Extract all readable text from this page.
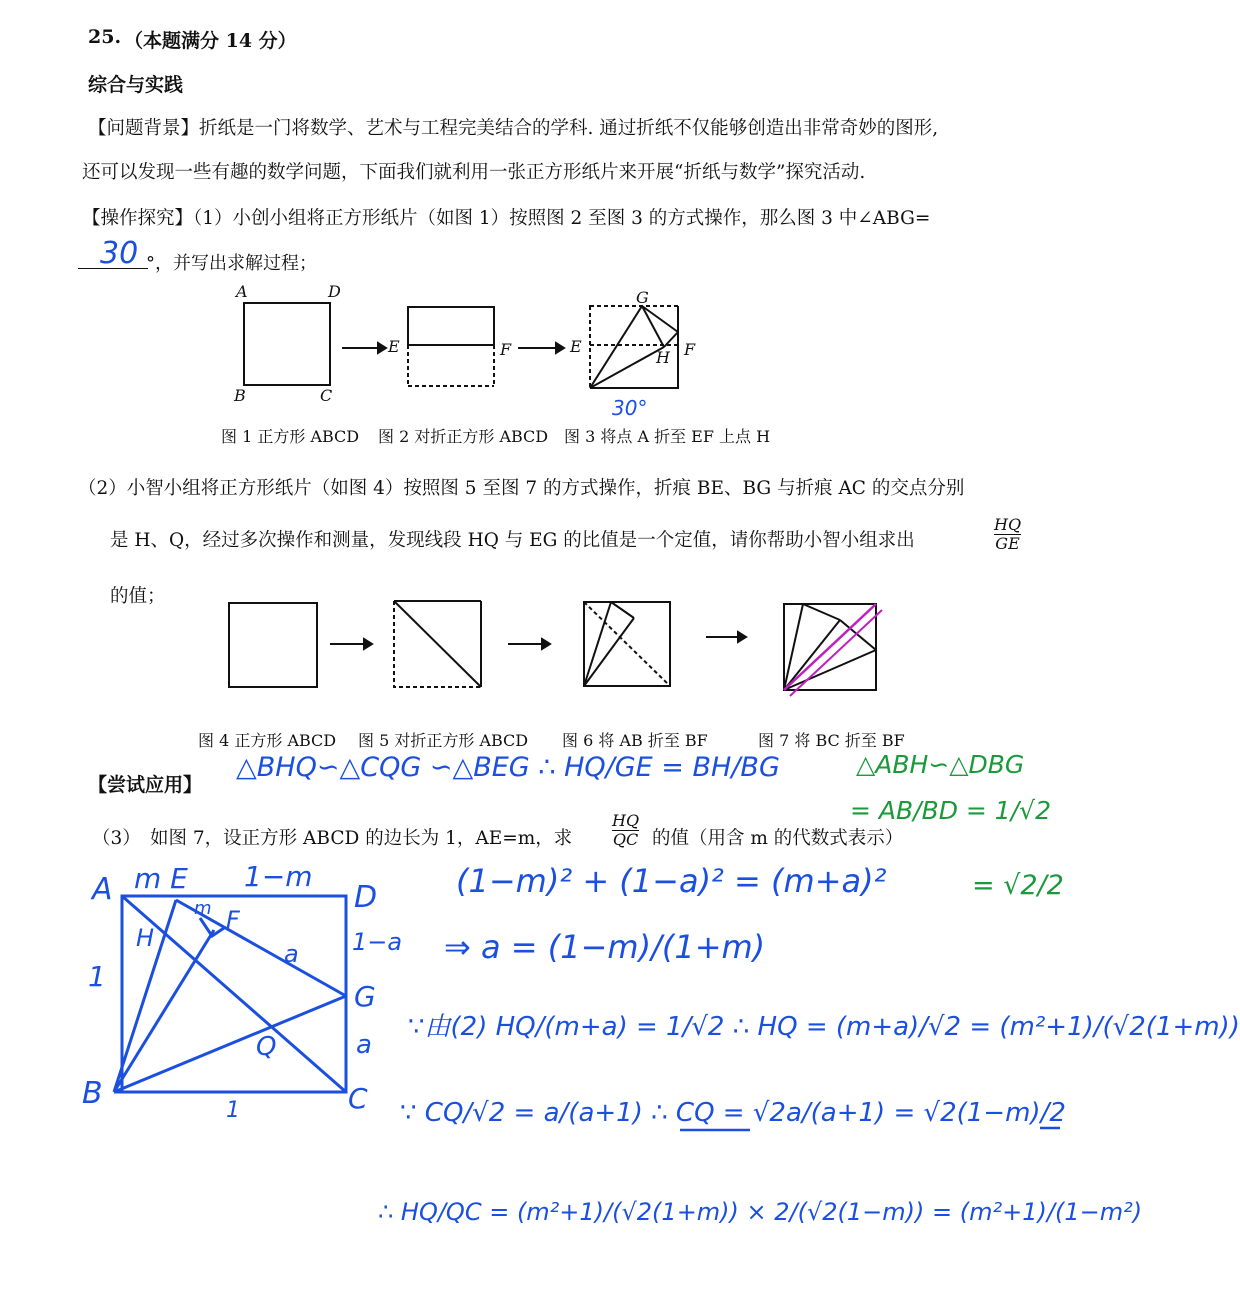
25. （本题满分 14 分）
综合与实践
【问题背景】折纸是一门将数学、艺术与工程完美结合的学科. 通过折纸不仅能够创造出非常奇妙的图形,
还可以发现一些有趣的数学问题，下面我们就利用一张正方形纸片来开展“折纸与数学”探究活动.
【操作探究】（1）小创小组将正方形纸片（如图 1）按照图 2 至图 3 的方式操作，那么图 3 中∠ABG=
30 °，并写出求解过程；
A	D
B	C
E	F	E
G
F
H
30°
图 1 正方形 ABCD 图 2 对折正方形 ABCD 图 3 将点 A 折至 EF 上点 H
（2）小智小组将正方形纸片（如图 4）按照图 5 至图 7 的方式操作，折痕 BE、BG 与折痕 AC 的交点分别
是 H、Q，经过多次操作和测量，发现线段 HQ 与 EG 的比值是一个定值，请你帮助小智小组求出	$\frac{HQ}{GE}$
的值；
图 4 正方形 ABCD 图 5 对折正方形 ABCD 图 6 将 AB 折至 BF	图 7 将 BC 折至 BF
【尝试应用】
△BHQ∽△CQG ∽△BEG ∴ HQ/GE = BH/BG	△ABH∽△DBG
= AB/BD = 1/√2
= √2/2
（3）　如图 7，设正方形 ABCD 的边长为 1，AE=m，求 $\frac{HQ}{QC}$ 的值（用含 m 的代数式表示）
A m E 1−m
D
1−a
G
a
a
H
F
m
Q
B	C
1
1
(1−m)² + (1−a)² = (m+a)²
⇒ a = (1−m)/(1+m)
∵由(2) HQ/(m+a) = 1/√2 ∴ HQ = (m+a)/√2 = (m²+1)/(√2(1+m))
∵ CQ/√2 = a/(a+1) ∴ CQ = √2a/(a+1) = √2(1−m)/2
∴ HQ/QC = (m²+1)/(√2(1+m)) × 2/(√2(1−m)) = (m²+1)/(1−m²)
